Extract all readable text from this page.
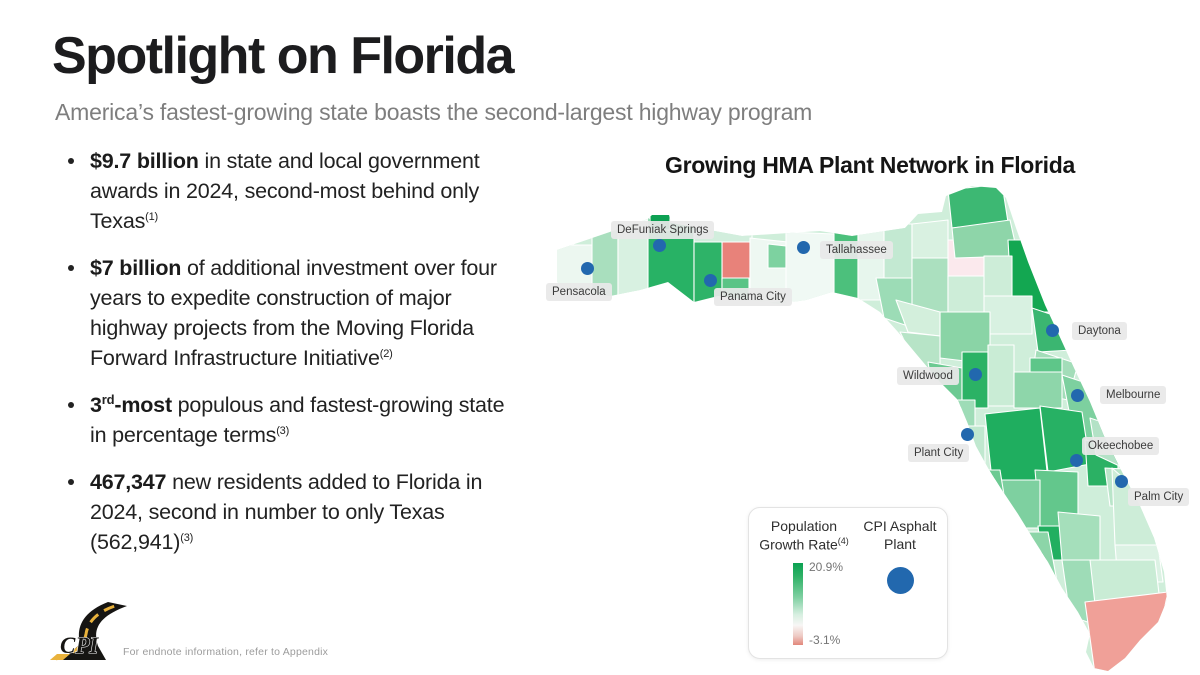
Spotlight on Florida
America’s fastest-growing state boasts the second-largest highway program
$9.7 billion in state and local government awards in 2024, second-most behind only Texas$^{(1)}$
$7 billion of additional investment over four years to expedite construction of major highway projects from the Moving Florida Forward Infrastructure Initiative$^{(2)}$
3rd-most populous and fastest-growing state in percentage terms$^{(3)}$
467,347 new residents added to Florida in 2024, second in number to only Texas (562,941)$^{(3)}$
Growing HMA Plant Network in Florida
Pensacola
DeFuniak Springs
Panama City
Tallahassee
Daytona
Wildwood
Melbourne
Plant City
Okeechobee
Palm City
Population
Growth Rate$^{(4)}$
CPI Asphalt
Plant
20.9%
-3.1%
CPI For endnote information, refer to Appendix
